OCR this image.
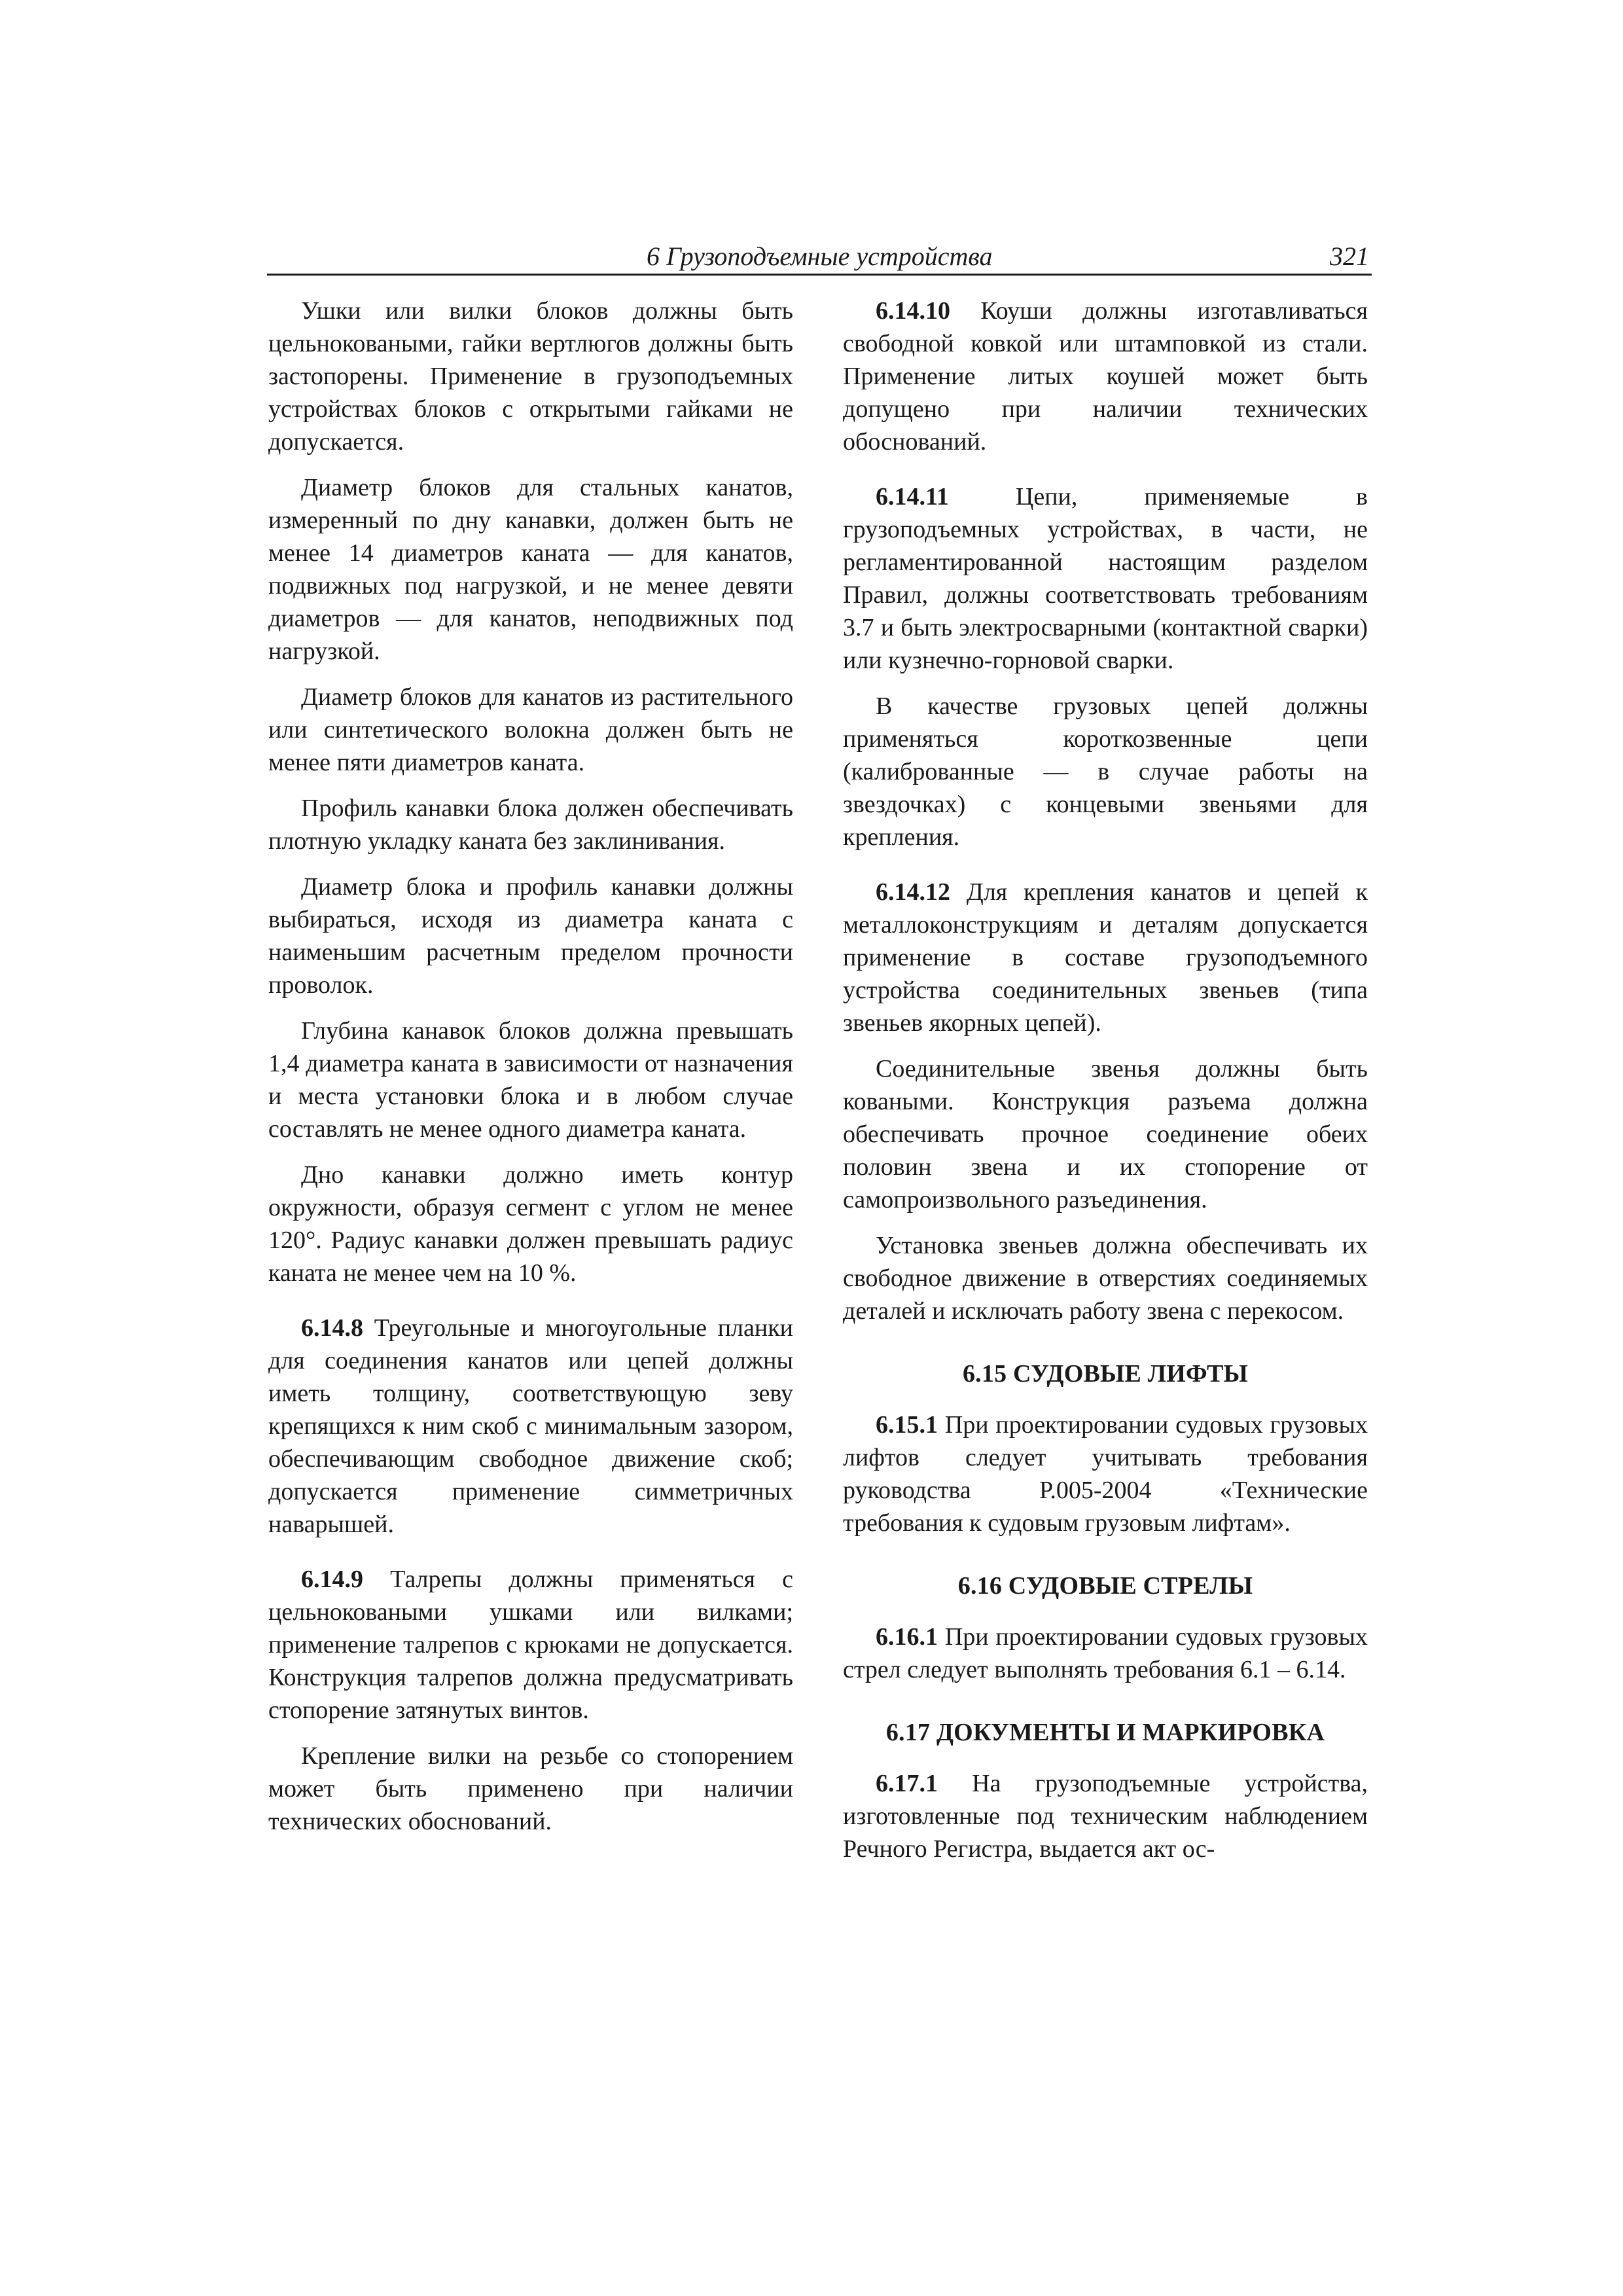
6 Грузоподъемные устройства	321

Ушки или вилки блоков должны быть цельноковаными, гайки вертлюгов должны быть застопорены. Применение в грузоподъемных устройствах блоков с открытыми гайками не допускается.

Диаметр блоков для стальных канатов, измеренный по дну канавки, должен быть не менее 14 диаметров каната — для канатов, подвижных под нагрузкой, и не менее девяти диаметров — для канатов, неподвижных под нагрузкой.

Диаметр блоков для канатов из растительного или синтетического волокна должен быть не менее пяти диаметров каната.

Профиль канавки блока должен обеспечивать плотную укладку каната без заклинивания.

Диаметр блока и профиль канавки должны выбираться, исходя из диаметра каната с наименьшим расчетным пределом прочности проволок.

Глубина канавок блоков должна превышать 1,4 диаметра каната в зависимости от назначения и места установки блока и в любом случае составлять не менее одного диаметра каната.

Дно канавки должно иметь контур окружности, образуя сегмент с углом не менее 120°. Радиус канавки должен превышать радиус каната не менее чем на 10 %.

6.14.8 Треугольные и многоугольные планки для соединения канатов или цепей должны иметь толщину, соответствующую зеву крепящихся к ним скоб с минимальным зазором, обеспечивающим свободное движение скоб; допускается применение симметричных наварышей.

6.14.9 Талрепы должны применяться с цельноковаными ушками или вилками; применение талрепов с крюками не допускается. Конструкция талрепов должна предусматривать стопорение затянутых винтов.

Крепление вилки на резьбе со стопорением может быть применено при наличии технических обоснований.

6.14.10 Коуши должны изготавливаться свободной ковкой или штамповкой из стали. Применение литых коушей может быть допущено при наличии технических обоснований.

6.14.11	Цепи, применяемые в грузоподъемных устройствах, в части, не регламентированной настоящим разделом Правил, должны соответствовать требованиям 3.7 и быть электросварными (контактной сварки) или кузнечно-горновой сварки.

В качестве грузовых цепей должны применяться короткозвенные цепи (калиброванные — в случае работы на звездочках) с концевыми звеньями для крепления.

6.14.12 Для крепления канатов и цепей к металлоконструкциям и деталям допускается применение в составе грузоподъемного устройства соединительных звеньев (типа звеньев якорных цепей).

Соединительные звенья должны быть коваными. Конструкция разъема должна обеспечивать прочное соединение обеих половин звена и их стопорение от самопроизвольного разъединения.

Установка звеньев должна обеспечивать их свободное движение в отверстиях соединяемых деталей и исключать работу звена с перекосом.

6.15 СУДОВЫЕ ЛИФТЫ

6.15.1 При проектировании судовых грузовых лифтов следует учитывать требования руководства Р.005-2004 «Технические требования к судовым грузовым лифтам».

6.16 СУДОВЫЕ СТРЕЛЫ

6.16.1 При проектировании судовых грузовых стрел следует выполнять требования 6.1 – 6.14.

6.17 ДОКУМЕНТЫ И МАРКИРОВКА

6.17.1 На грузоподъемные устройства, изготовленные под техническим наблюдением Речного Регистра, выдается акт ос-
